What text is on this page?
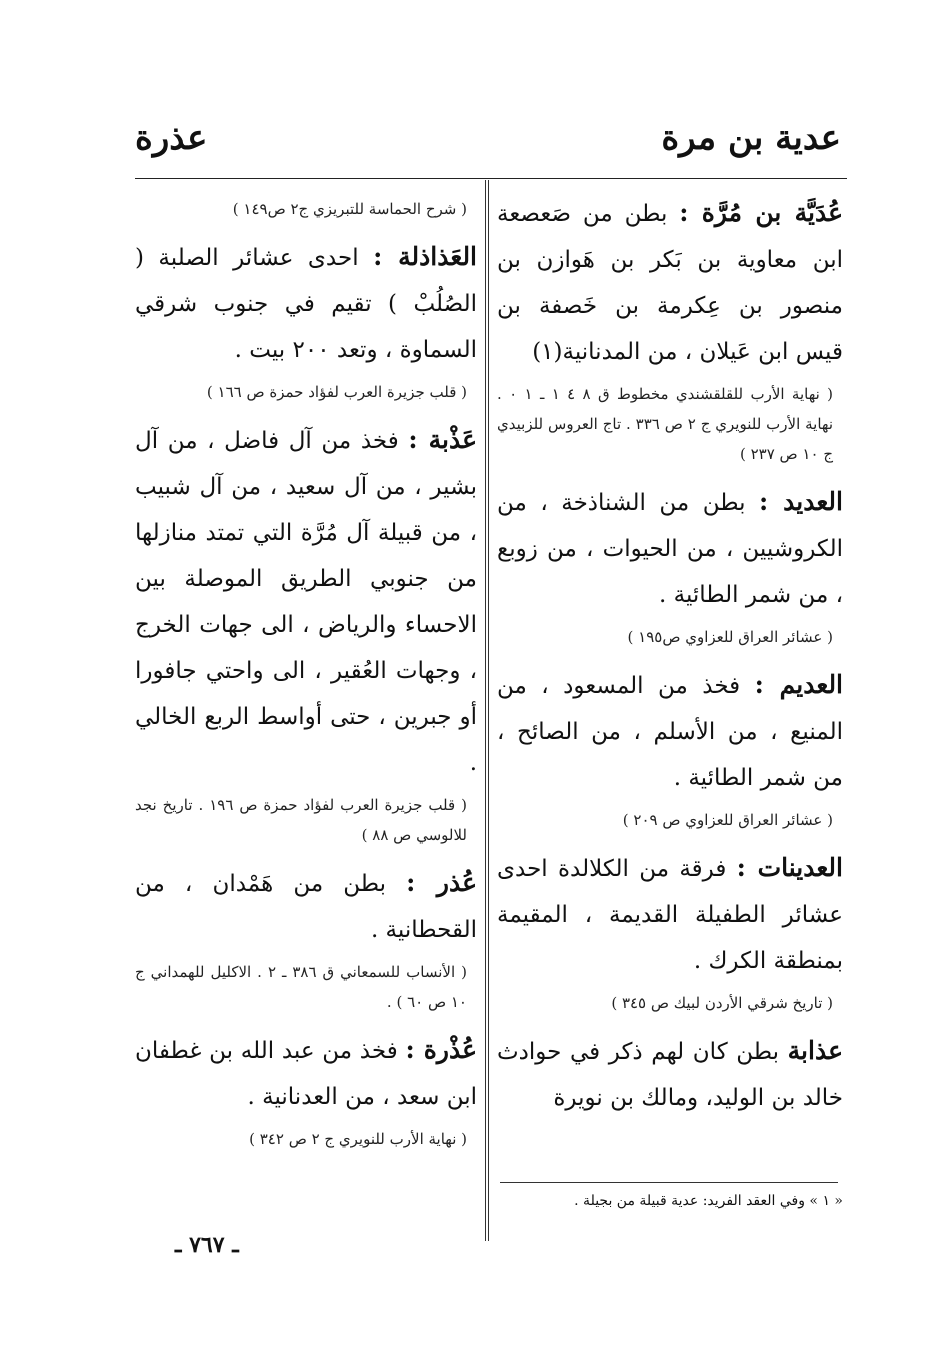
عدية بن مرة
عذرة

عُدَيَّة بن مُرَّة : بطن من صَعصعة ابن معاوية بن بَكر بن هَوازن بن منصور بن عِكرمة بن خَصفة بن قيس ابن عَيلان ، من المدنانية(١)

( نهاية الأرب للقلقشندي مخطوط ق ٨ ٤ ١ ـ ١ ٠ . نهاية الأرب للنويري ج ٢ ص ٣٣٦ . تاج العروس للزبيدي ج ١٠ ص ٢٣٧ )

العديد : بطن من الشناذخة ، من الكروشيين ، من الحيوات ، من زوبع ، من شمر الطائية .

( عشائر العراق للعزاوي ص١٩٥ )

العديم : فخذ من المسعود ، من المنيع ، من الأسلم ، من الصائح ، من شمر الطائية .

( عشائر العراق للعزاوي ص ٢٠٩ )

العدينات : فرقة من الكلالدة احدى عشائر الطفيلة القديمة ، المقيمة بمنطقة الكرك .

( تاريخ شرقي الأردن لبيك ص ٣٤٥ )

عذابة بطن كان لهم ذكر في حوادث خالد بن الوليد، ومالك بن نويرة

( شرح الحماسة للتبريزي ج٢ ص١٤٩ )

العَذاذلة : احدى عشائر الصلبة ( الصُلُبْ ) تقيم في جنوب شرقي السماوة ، وتعد ٢٠٠ بيت .

( قلب جزيرة العرب لفؤاد حمزة ص ١٦٦ )

عَذْبة : فخذ من آل فاضل ، من آل بشير ، من آل سعيد ، من آل شبيب ، من قبيلة آل مُرَّة التي تمتد منازلها من جنوبي الطريق الموصلة بين الاحساء والرياض ، الى جهات الخرج ، وجهات العُقير ، الى واحتي جافورا أو جبرين ، حتى أواسط الربع الخالي .

( قلب جزيرة العرب لفؤاد حمزة ص ١٩٦ . تاريخ نجد للالوسي ص ٨٨ )

عُذر : بطن من هَمْدان ، من القحطانية .

( الأنساب للسمعاني ق ٣٨٦ ـ ٢ . الاكليل للهمداني ج ١٠ ص ٦٠ ) .

عُذْرة : فخذ من عبد الله بن غطفان ابن سعد ، من العدنانية .

( نهاية الأرب للنويري ج ٢ ص ٣٤٢ )

« ١ » وفي العقد الفريد: عدية قبيلة من بجيلة .
ـ ٧٦٧ ـ
